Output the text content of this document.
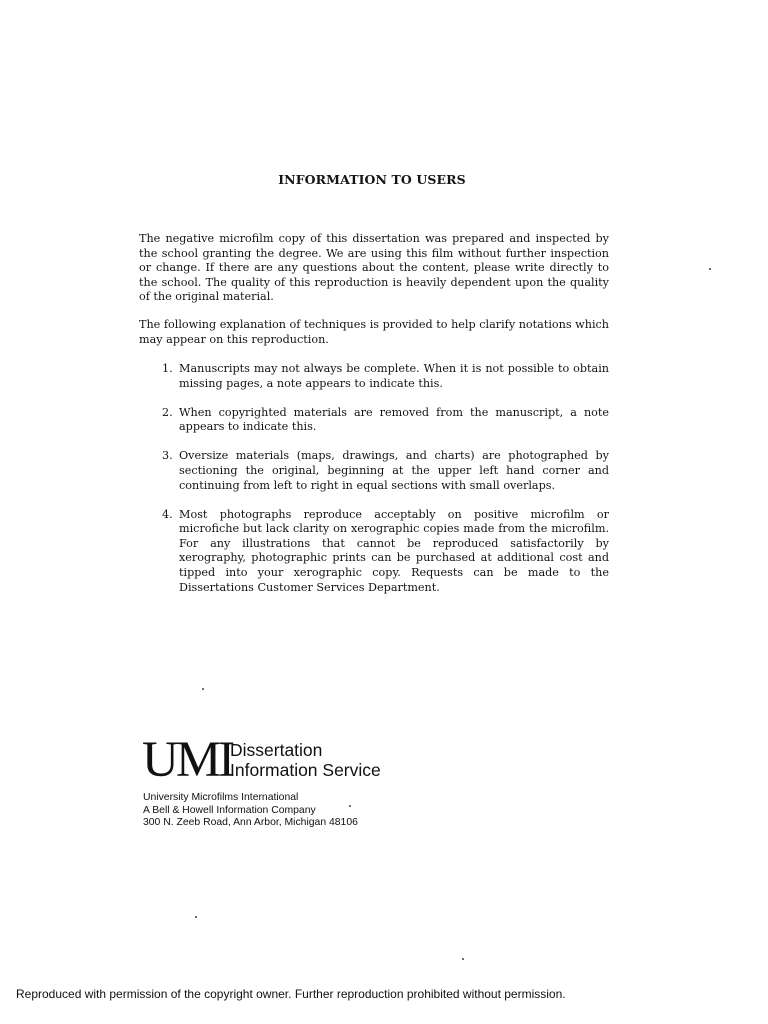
INFORMATION TO USERS

The negative microfilm copy of this dissertation was prepared and inspected by the school granting the degree. We are using this film without further inspection or change. If there are any questions about the content, please write directly to the school. The quality of this reproduction is heavily dependent upon the quality of the original material.

The following explanation of techniques is provided to help clarify notations which may appear on this reproduction.

1. Manuscripts may not always be complete. When it is not possible to obtain missing pages, a note appears to indicate this.
2. When copyrighted materials are removed from the manuscript, a note appears to indicate this.
3. Oversize materials (maps, drawings, and charts) are photographed by sectioning the original, beginning at the upper left hand corner and continuing from left to right in equal sections with small overlaps.
4. Most photographs reproduce acceptably on positive microfilm or microfiche but lack clarity on xerographic copies made from the microfilm. For any illustrations that cannot be reproduced satisfactorily by xerography, photographic prints can be purchased at additional cost and tipped into your xerographic copy. Requests can be made to the Dissertations Customer Services Department.
UMI
Dissertation
Information Service
University Microfilms International
A Bell & Howell Information Company
300 N. Zeeb Road, Ann Arbor, Michigan 48106
Reproduced with permission of the copyright owner. Further reproduction prohibited without permission.
